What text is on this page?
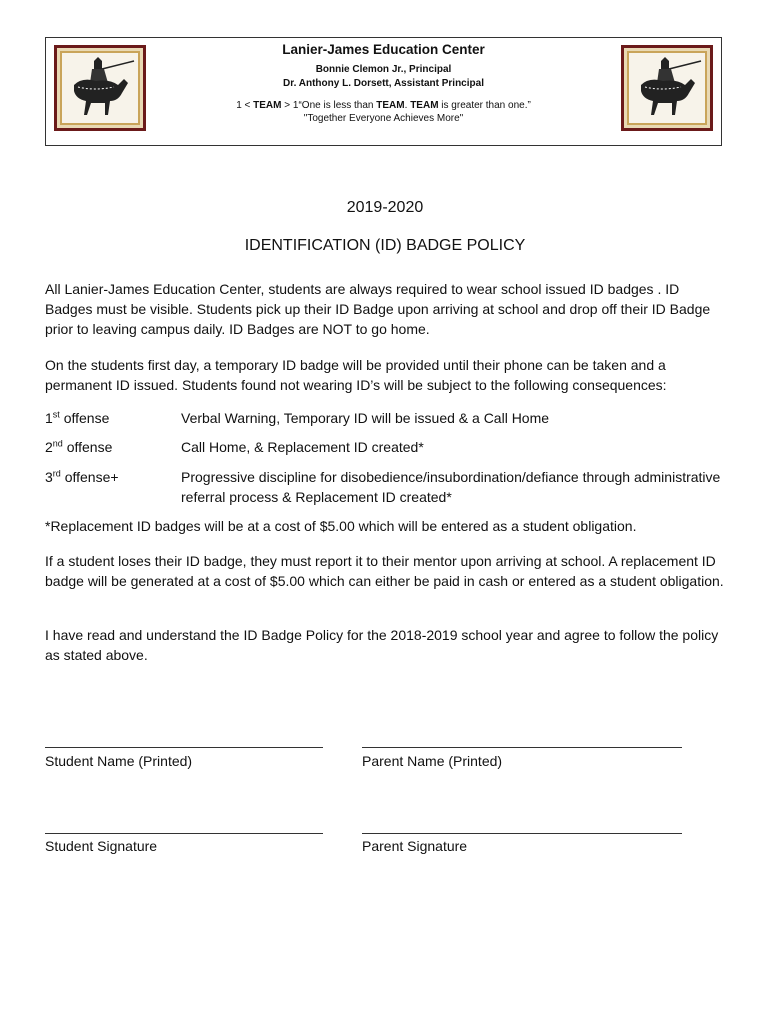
Lanier-James Education Center
Bonnie Clemon Jr., Principal
Dr. Anthony L. Dorsett, Assistant Principal
1 < TEAM > 1“One is less than TEAM. TEAM is greater than one.”
"Together Everyone Achieves More"
2019-2020
IDENTIFICATION (ID) BADGE POLICY
All Lanier-James Education Center, students are always required to wear school issued ID badges . ID Badges must be visible. Students pick up their ID Badge upon arriving at school and drop off their ID Badge prior to leaving campus daily. ID Badges are NOT to go home.
On the students first day, a temporary ID badge will be provided until their phone can be taken and a permanent ID issued. Students found not wearing ID’s will be subject to the following consequences:
1st offense	Verbal Warning, Temporary ID will be issued & a Call Home
2nd offense	Call Home, & Replacement ID created*
3rd offense+	Progressive discipline for disobedience/insubordination/defiance through administrative referral process & Replacement ID created*
*Replacement ID badges will be at a cost of $5.00 which will be entered as a student obligation.
If a student loses their ID badge, they must report it to their mentor upon arriving at school. A replacement ID badge will be generated at a cost of $5.00 which can either be paid in cash or entered as a student obligation.
I have read and understand the ID Badge Policy for the 2018-2019 school year and agree to follow the policy as stated above.
Student Name (Printed)	Parent Name (Printed)
Student Signature	Parent Signature
